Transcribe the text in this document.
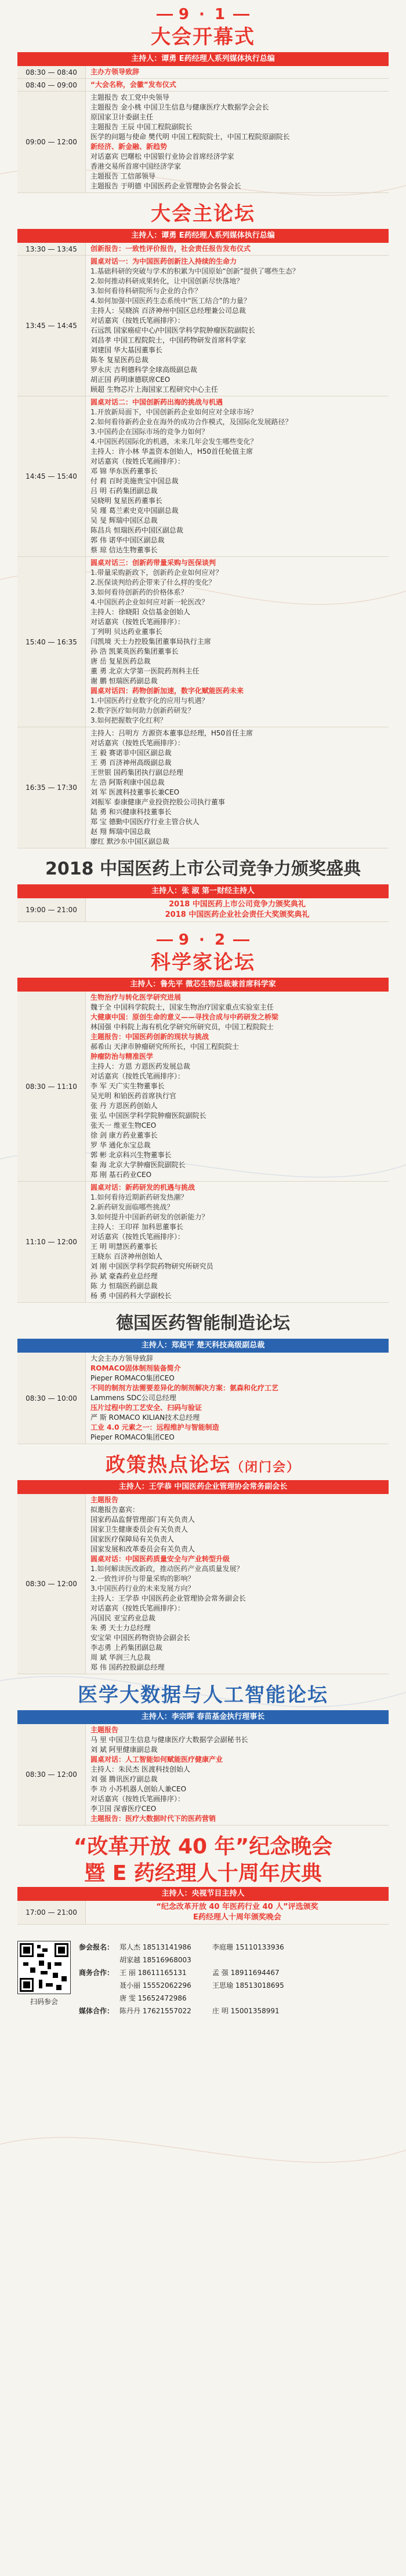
9 · 1
大会开幕式
主持人：谭勇 E药经理人系列媒体执行总编
08:30 — 08:40	主办方领导致辞
08:40 — 09:00	“大会名称，会徽”发布仪式
09:00 — 12:00
主题报告 农工党中央领导
主题报告 金小桃 中国卫生信息与健康医疗大数据学会会长
原国家卫计委副主任
主题报告 王辰 中国工程院副院长
医学的问题与使命 樊代明 中国工程院院士，中国工程院原副院长
新经济、新金融、新趋势
对话嘉宾 巴曙松 中国银行业协会首席经济学家
香港交易所首席中国经济学家
主题报告 工信部领导
主题报告 于明德 中国医药企业管理协会名誉会长
大会主论坛
主持人：谭勇 E药经理人系列媒体执行总编
13:30 — 13:45	创新报告：一致性评价报告，社会责任报告发布仪式
13:45 — 14:45
圆桌对话一：为中国医药创新注入持续的生命力
1.基础科研的突破与学术的积累为中国原始“创新”提供了哪些生态？
2.如何推动科研成果转化，让中国创新尽快落地？
3.如何看待科研院所与企业的合作？
4.如何加强中国医药生态系统中“医工结合”的力量？
主持人：吴晓滨 百济神州中国区总经理兼公司总裁
对话嘉宾（按姓氏笔画排序）：
石远凯 国家癌症中心/中国医学科学院肿瘤医院副院长
刘昌孝 中国工程院院士，中国药物研发首席科学家
刘建国 华大基因董事长
陈冬 复星医药总裁
罗永庆 吉利德科学全球高级副总裁
胡正国 药明康德联席CEO
顾超 生物芯片上海国家工程研究中心主任
14:45 — 15:40
圆桌对话二：中国创新药出海的挑战与机遇
1.开放新局面下，中国创新药企业如何应对全球市场？
2.如何看待新药企业在海外的成功合作模式，及国际化发展路径？
3.中国药企在国际市场的竞争力如何？
4.中国医药国际化的机遇，未来几年会发生哪些变化？
主持人：许小林 华盖资本创始人，H50首任轮值主席
对话嘉宾（按姓氏笔画排序）：
邓 锦 华东医药董事长
付 莉 百时美施贵宝中国总裁
吕 明 石药集团副总裁
吴晓明 复星医药董事长
吴 瑾 葛兰素史克中国副总裁
吴 旻 辉瑞中国区总裁
陈昌兵 恒瑞医药中国区副总裁
郭 伟 诺华中国区副总裁
蔡 琼 信达生物董事长
15:40 — 16:35
圆桌对话三：创新药带量采购与医保谈判
1.带量采购新政下，创新药企业如何应对？
2.医保谈判给药企带来了什么样的变化？
3.如何看待创新药的价格体系？
4.中国医药企业如何应对新一轮医改？
主持人：徐晓阳 众信基金创始人
对话嘉宾（按姓氏笔画排序）：
丁列明 贝达药业董事长
闫凯境 天士力控股集团董事局执行主席
孙 浩 凯莱英医药集团董事长
唐 岳 复星医药总裁
董 勇 北京大学第一医院药剂科主任
谢 鹏 恒瑞医药副总裁
圆桌对话四：药物创新加速，数字化赋能医药未来
1.中国医药行业数字化的应用与机遇？
2.数字医疗如何助力创新药研发？
3.如何把握数字化红利？
16:35 — 17:30
主持人：吕明方 方源资本董事总经理，H50首任主席
对话嘉宾（按姓氏笔画排序）：
王 毅 赛诺菲中国区副总裁
王 勇 百济神州高级副总裁
王世银 国药集团执行副总经理
左 浩 阿斯利康中国总裁
刘 军 医渡科技董事长兼CEO
刘振军 泰康健康产业投资控股公司执行董事
陆 勇 和兴健康科技董事长
郑 宝 德勤中国医疗行业主管合伙人
赵 翔 辉瑞中国总裁
廖红 默沙东中国区副总裁
2018 中国医药上市公司竞争力颁奖盛典
主持人：张 淑 第一财经主持人
19:00 — 21:00
2018 中国医药上市公司竞争力颁奖典礼
2018 中国医药企业社会责任大奖颁奖典礼
9 · 2
科学家论坛
主持人：鲁先平 微芯生物总裁兼首席科学家
08:30 — 11:10
生物治疗与转化医学研究进展
魏于全 中国科学院院士，国家生物治疗国家重点实验室主任
大健康中国：原创生命的意义——寻找合成与中药研发之桥梁
林国强 中科院上海有机化学研究所研究员，中国工程院院士
主题报告：中国医药创新的现状与挑战
郝希山 天津市肿瘤研究所所长，中国工程院院士
肿瘤防治与精准医学
主持人：方恩 方恩医药发展总裁
对话嘉宾（按姓氏笔画排序）：
李 军 天广实生物董事长
吴光明 和铂医药首席执行官
张 丹 方恩医药创始人
张 弘 中国医学科学院肿瘤医院副院长
张天一 维亚生物CEO
徐 剑 康方药业董事长
罗 华 通化东宝总裁
郭 彬 北京科兴生物董事长
秦 海 北京大学肿瘤医院副院长
郑 刚 基石药业CEO
11:10 — 12:00
圆桌对话：新药研发的机遇与挑战
1.如何看待近期新药研发热潮？
2.新药研发面临哪些挑战？
3.如何提升中国新药研发的创新能力？
主持人：王印祥 加科思董事长
对话嘉宾（按姓氏笔画排序）：
王 明 明慧医药董事长
王晓东 百济神州创始人
刘 刚 中国医学科学院药物研究所研究员
孙 斌 豪森药业总经理
陈 力 恒瑞医药副总裁
杨 勇 中国药科大学副校长
德国医药智能制造论坛
主持人：郑起平 楚天科技高级副总裁
08:30 — 10:00
大会主办方领导致辞
ROMACO固体制剂装备简介
Pieper ROMACO集团CEO
不同的制剂方法需要差异化的制剂解决方案：氨森和化疗工艺
Lammens SDC公司总经理
压片过程中的工艺安全、扫码与验证
严 斯 ROMACO KILIAN技术总经理
工业 4.0 元素之一：远程维护与智能制造
Pieper ROMACO集团CEO
政策热点论坛（闭门会）
主持人：王学恭 中国医药企业管理协会常务副会长
08:30 — 12:00
主题报告
拟邀报告嘉宾：
国家药品监督管理部门有关负责人
国家卫生健康委员会有关负责人
国家医疗保障局有关负责人
国家发展和改革委员会有关负责人
圆桌对话：中国医药质量安全与产业转型升级
1.如何解读医改新政，推动医药产业高质量发展？
2.一致性评价与带量采购的影响？
3.中国医药行业的未来发展方向？
主持人：王学恭 中国医药企业管理协会常务副会长
对话嘉宾（按姓氏笔画排序）：
冯国民 亚宝药业总裁
朱 勇 天士力总经理
安宝荣 中国医药物资协会副会长
李志勇 上药集团副总裁
周 斌 华润三九总裁
郑 伟 国药控股副总经理
医学大数据与人工智能论坛
主持人：李宗晖 春苗基金执行理事长
08:30 — 12:00
主题报告
马 里 中国卫生信息与健康医疗大数据学会副秘书长
刘 斌 阿里健康副总裁
圆桌对话：人工智能如何赋能医疗健康产业
主持人：朱民杰 医渡科技创始人
刘 强 腾讯医疗副总裁
李 功 小苏机器人创始人兼CEO
对话嘉宾（按姓氏笔画排序）：
李卫国 深睿医疗CEO
主题报告：医疗大数据时代下的医药营销
“改革开放 40 年”纪念晚会
暨 E 药经理人十周年庆典
主持人：央视节目主持人
17:00 — 21:00
“纪念改革开放 40 年医药行业 40 人”评选颁奖
E药经理人十周年颁奖晚会
扫码参会
参会报名： 郑人杰 18513141986	李庭珊 15110133936
胡家越 18516968003
商务合作： 王 丽 18611165131	孟 强 18911694467
聂小丽 15552062296	王思瑜 18513018695
唐 雯 15652472986
媒体合作： 陈丹丹 17621557022	庄 明 15001358991
